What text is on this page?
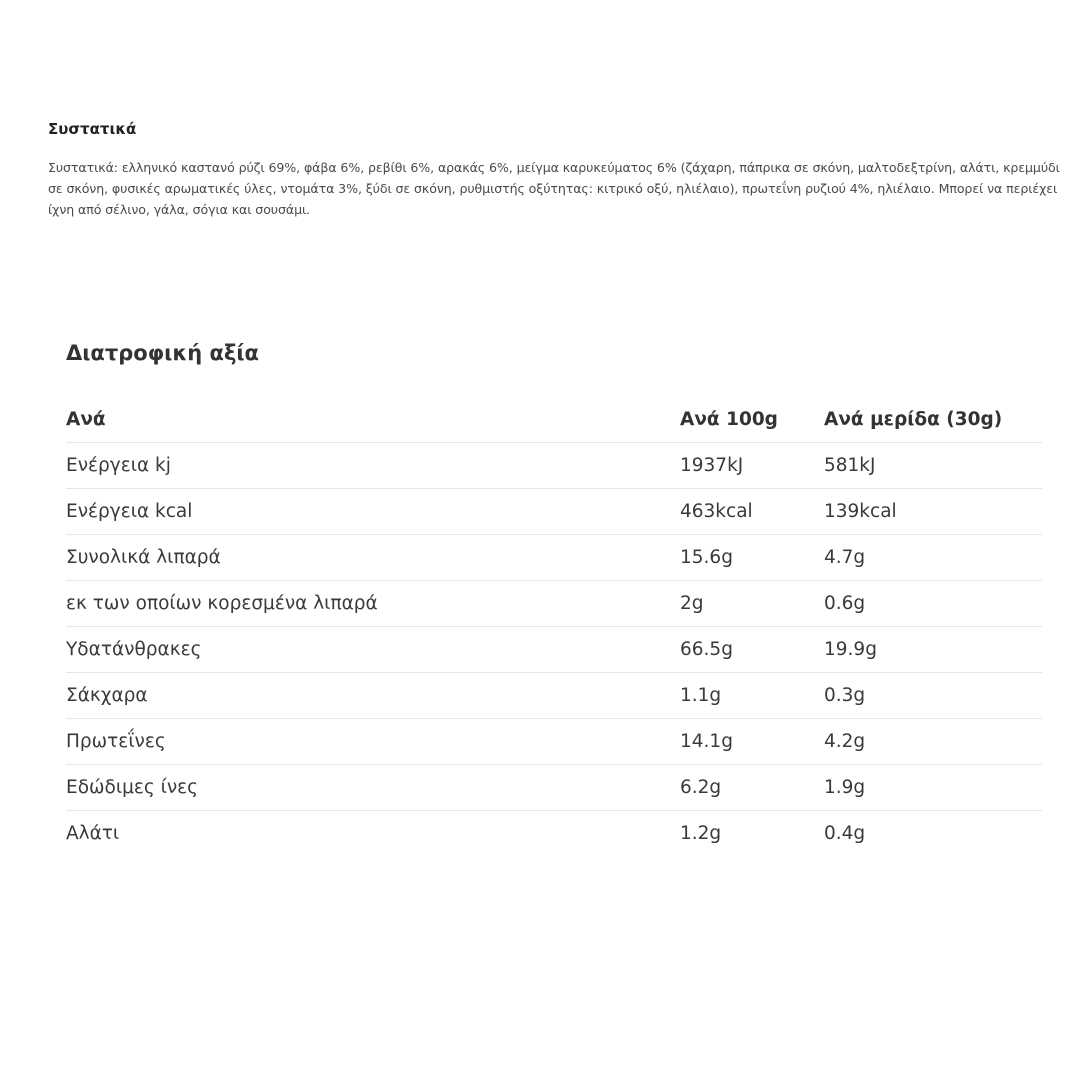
Συστατικά

Συστατικά: ελληνικό καστανό ρύζι 69%, φάβα 6%, ρεβίθι 6%, αρακάς 6%, μείγμα καρυκεύματος 6% (ζάχαρη, πάπρικα σε σκόνη, μαλτοδεξτρίνη, αλάτι, κρεμμύδι σε σκόνη, φυσικές αρωματικές ύλες, ντομάτα 3%, ξύδι σε σκόνη, ρυθμιστής οξύτητας: κιτρικό οξύ, ηλιέλαιο), πρωτεΐνη ρυζιού 4%, ηλιέλαιο. Μπορεί να περιέχει ίχνη από σέλινο, γάλα, σόγια και σουσάμι.

Διατροφική αξία
Ανά	Ανά 100g	Ανά μερίδα (30g)
Ενέργεια kj	1937kJ	581kJ
Ενέργεια kcal	463kcal	139kcal
Συνολικά λιπαρά	15.6g	4.7g
εκ των οποίων κορεσμένα λιπαρά	2g	0.6g
Υδατάνθρακες	66.5g	19.9g
Σάκχαρα	1.1g	0.3g
Πρωτεΐνες	14.1g	4.2g
Εδώδιμες ίνες	6.2g	1.9g
Αλάτι	1.2g	0.4g
